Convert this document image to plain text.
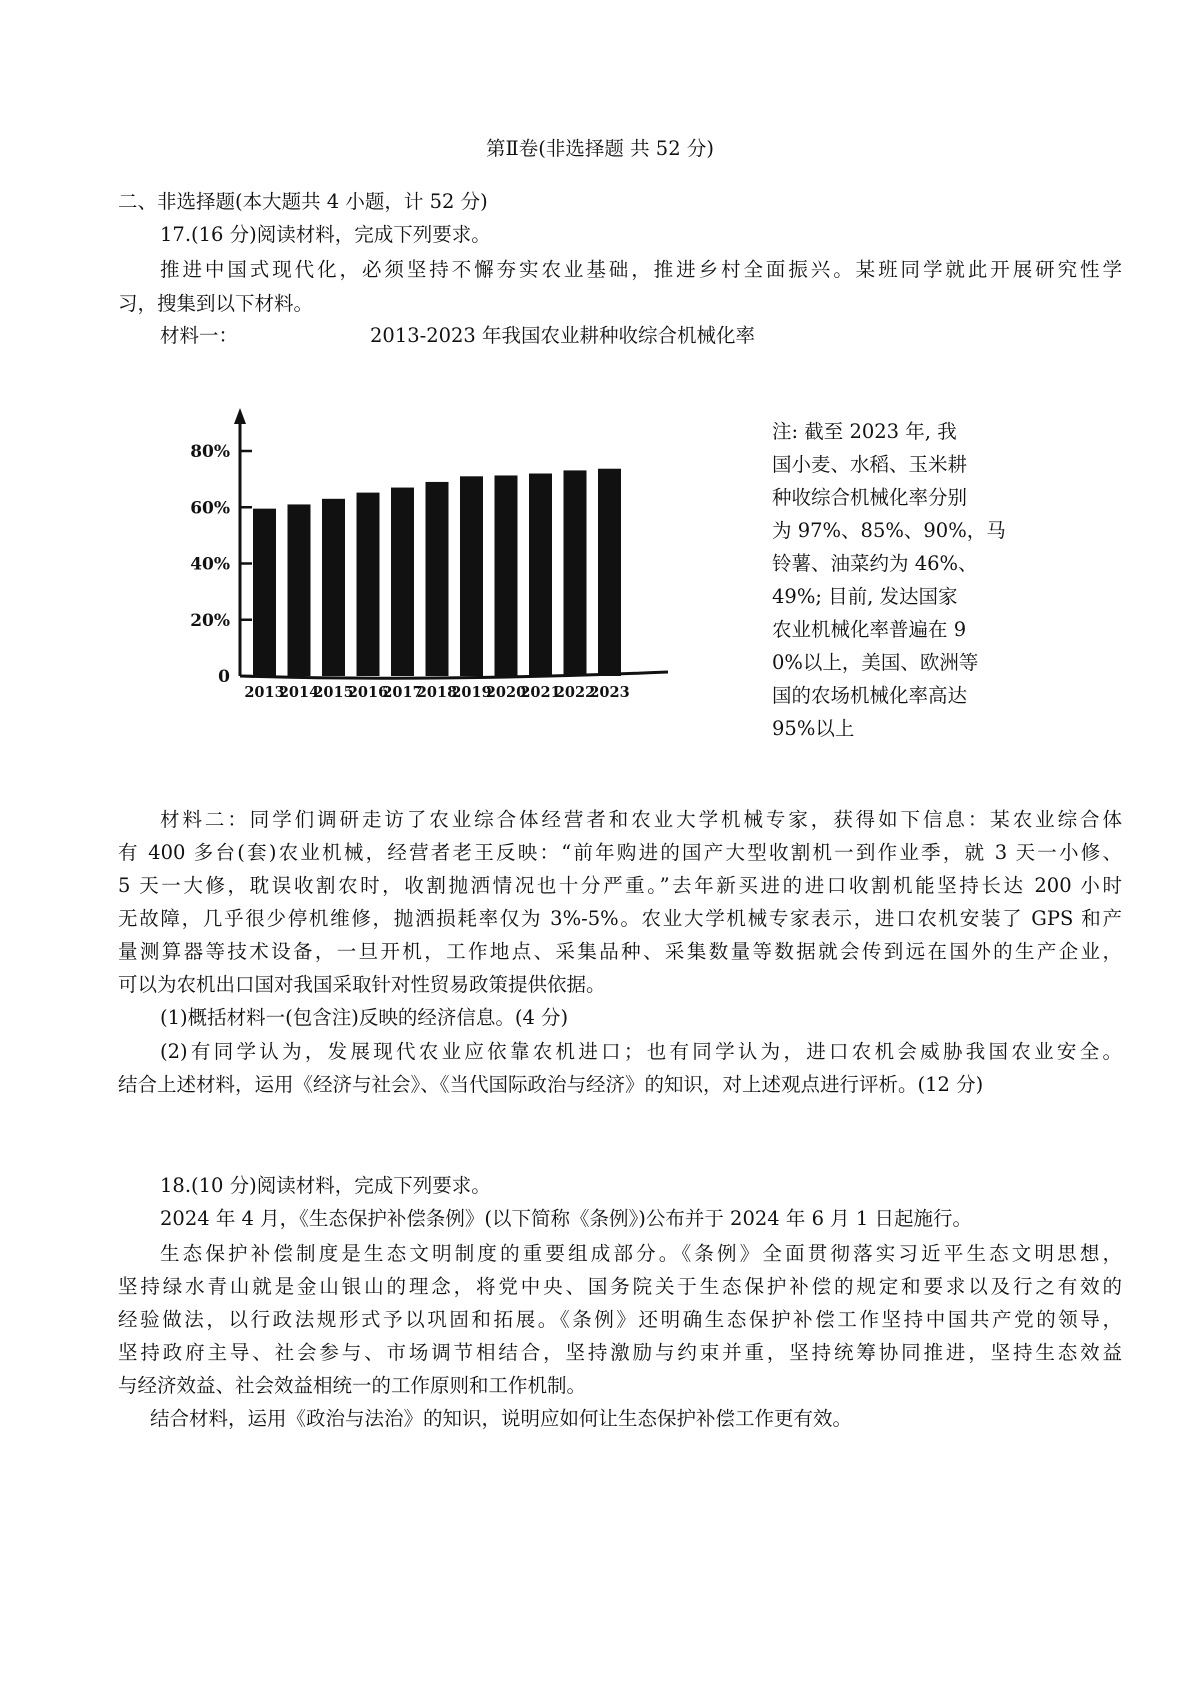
第Ⅱ卷(非选择题 共 52 分)
二、非选择题(本大题共 4 小题，计 52 分)
17.(16 分)阅读材料，完成下列要求。
推进中国式现代化，必须坚持不懈夯实农业基础，推进乡村全面振兴。某班同学就此开展研究性学
习，搜集到以下材料。
材料一：	2013-2023 年我国农业耕种收综合机械化率
0
20%
40%
60%
80%
2013
2014
2015
2016
2017
2018
2019
2020
2021
2022
2023
注: 截至 2023 年, 我
国小麦、水稻、玉米耕
种收综合机械化率分别
为 97%、85%、90%，马
铃薯、油菜约为 46%、
49%; 目前, 发达国家
农业机械化率普遍在 9
0%以上，美国、欧洲等
国的农场机械化率高达
95%以上
材料二：同学们调研走访了农业综合体经营者和农业大学机械专家，获得如下信息：某农业综合体
有 400 多台(套)农业机械，经营者老王反映：“前年购进的国产大型收割机一到作业季，就 3 天一小修、
5 天一大修，耽误收割农时，收割抛洒情况也十分严重。”去年新买进的进口收割机能坚持长达 200 小时
无故障，几乎很少停机维修，抛洒损耗率仅为 3%-5%。农业大学机械专家表示，进口农机安装了 GPS 和产
量测算器等技术设备，一旦开机，工作地点、采集品种、采集数量等数据就会传到远在国外的生产企业，
可以为农机出口国对我国采取针对性贸易政策提供依据。
(1)概括材料一(包含注)反映的经济信息。(4 分)
(2)有同学认为，发展现代农业应依靠农机进口；也有同学认为，进口农机会威胁我国农业安全。
结合上述材料，运用《经济与社会》、《当代国际政治与经济》的知识，对上述观点进行评析。(12 分)
18.(10 分)阅读材料，完成下列要求。
2024 年 4 月，《生态保护补偿条例》(以下简称《条例》)公布并于 2024 年 6 月 1 日起施行。
生态保护补偿制度是生态文明制度的重要组成部分。《条例》全面贯彻落实习近平生态文明思想，
坚持绿水青山就是金山银山的理念，将党中央、国务院关于生态保护补偿的规定和要求以及行之有效的
经验做法，以行政法规形式予以巩固和拓展。《条例》还明确生态保护补偿工作坚持中国共产党的领导，
坚持政府主导、社会参与、市场调节相结合，坚持激励与约束并重，坚持统筹协同推进，坚持生态效益
与经济效益、社会效益相统一的工作原则和工作机制。
结合材料，运用《政治与法治》的知识，说明应如何让生态保护补偿工作更有效。
